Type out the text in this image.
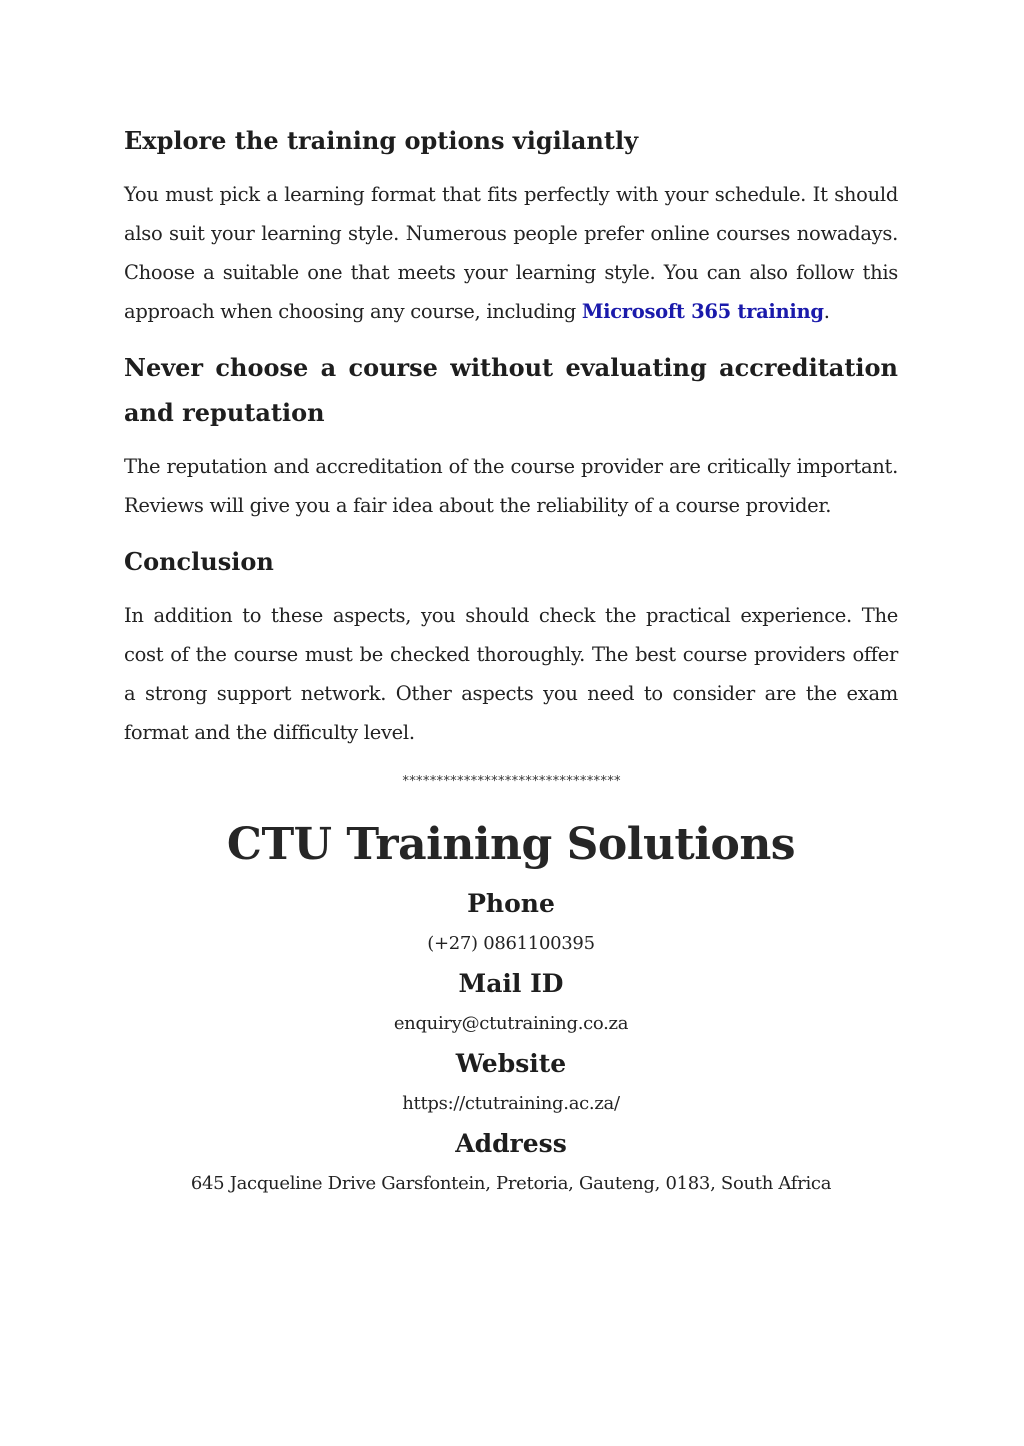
Explore the training options vigilantly

You must pick a learning format that fits perfectly with your schedule. It should also suit your learning style. Numerous people prefer online courses nowadays. Choose a suitable one that meets your learning style. You can also follow this approach when choosing any course, including Microsoft 365 training.

Never choose a course without evaluating accreditation and reputation

The reputation and accreditation of the course provider are critically important. Reviews will give you a fair idea about the reliability of a course provider.

Conclusion

In addition to these aspects, you should check the practical experience. The cost of the course must be checked thoroughly. The best course providers offer a strong support network. Other aspects you need to consider are the exam format and the difficulty level.

********************************
CTU Training Solutions
Phone
(+27) 0861100395
Mail ID
enquiry@ctutraining.co.za
Website
https://ctutraining.ac.za/
Address
645 Jacqueline Drive Garsfontein, Pretoria, Gauteng, 0183, South Africa
